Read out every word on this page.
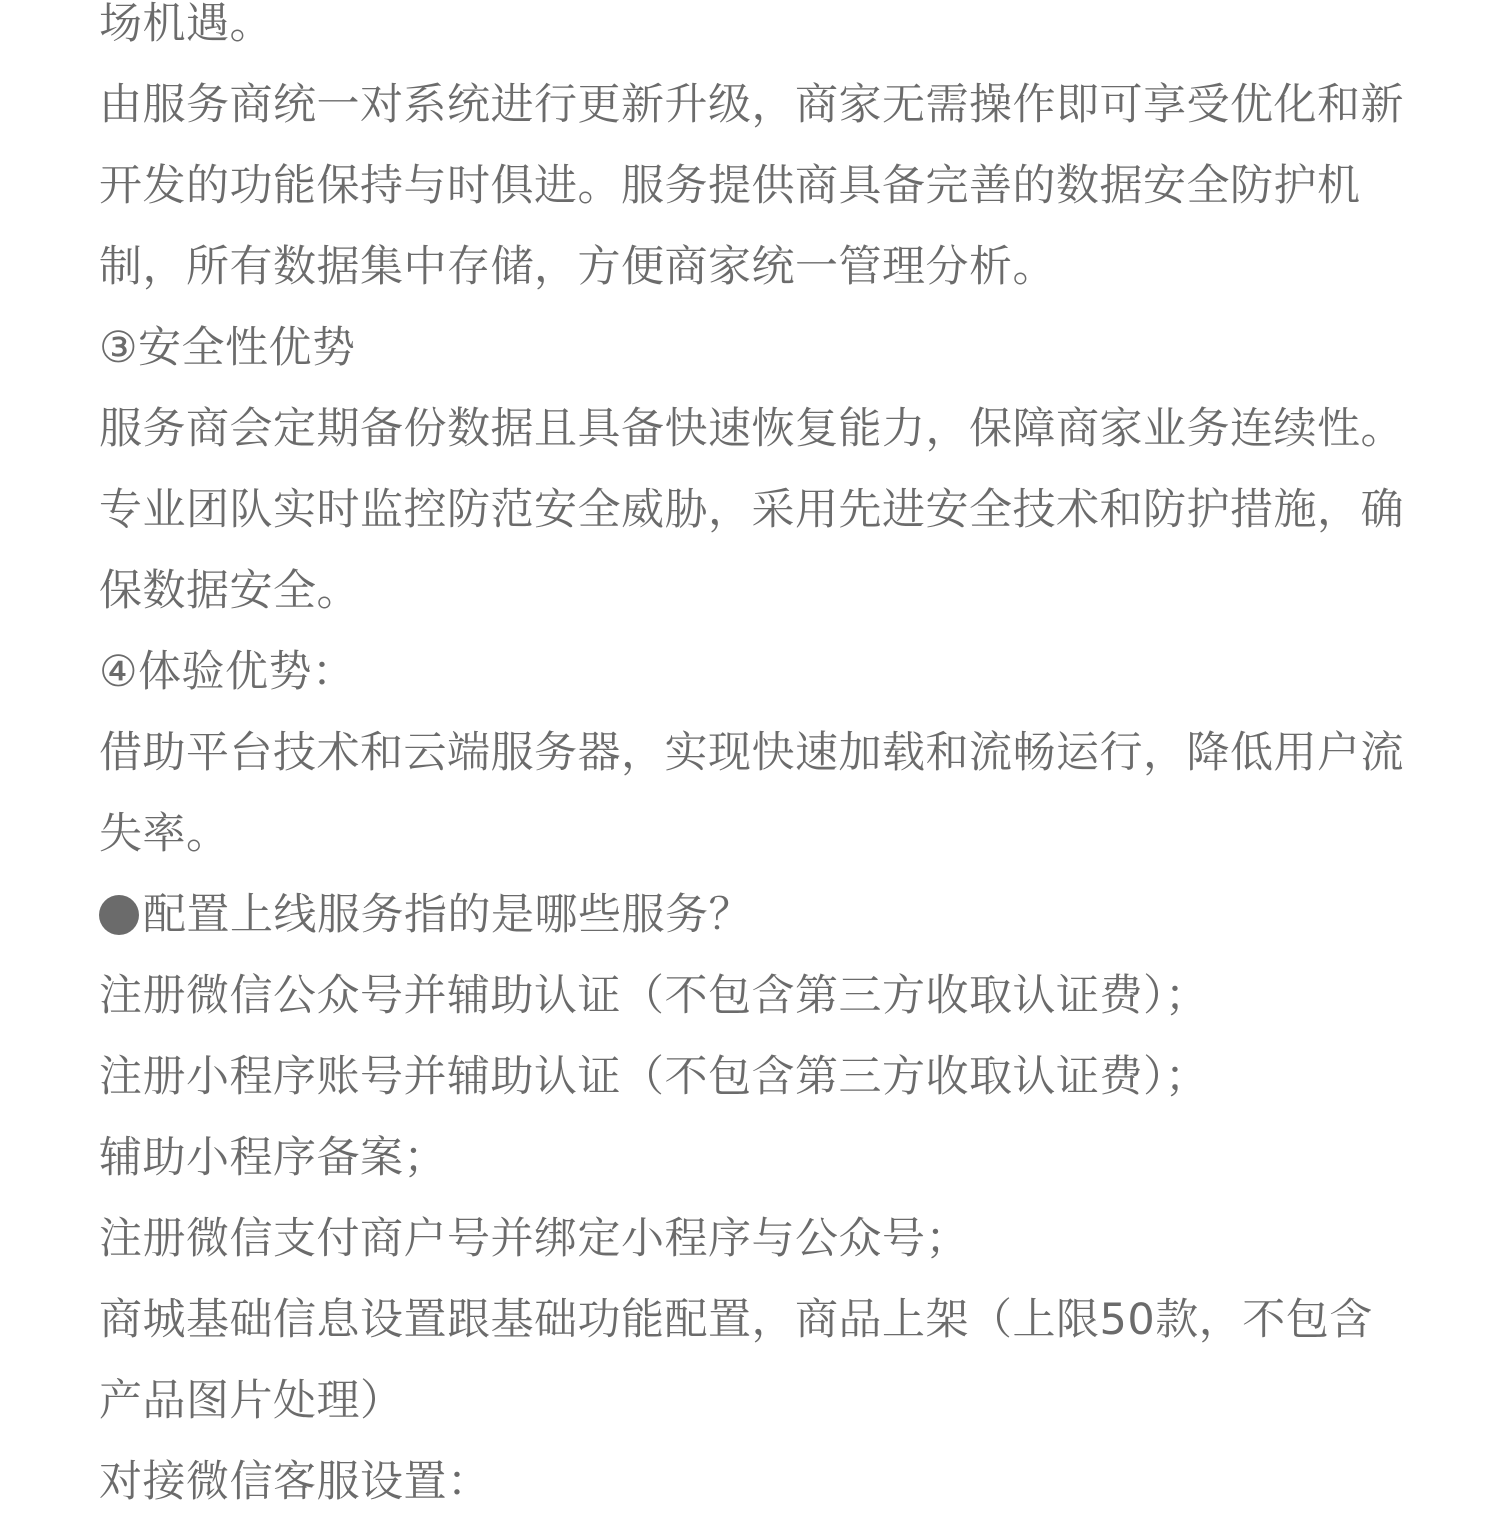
场机遇。

由服务商统一对系统进行更新升级，商家无需操作即可享受优化和新开发的功能保持与时俱进。服务提供商具备完善的数据安全防护机制，所有数据集中存储，方便商家统一管理分析。

③安全性优势

服务商会定期备份数据且具备快速恢复能力，保障商家业务连续性。专业团队实时监控防范安全威胁，采用先进安全技术和防护措施，确保数据安全。

④体验优势：

借助平台技术和云端服务器，实现快速加载和流畅运行，降低用户流失率。

配置上线服务指的是哪些服务？

注册微信公众号并辅助认证（不包含第三方收取认证费）；

注册小程序账号并辅助认证（不包含第三方收取认证费）；

辅助小程序备案；

注册微信支付商户号并绑定小程序与公众号；

商城基础信息设置跟基础功能配置，商品上架（上限50款，不包含产品图片处理）

对接微信客服设置：
